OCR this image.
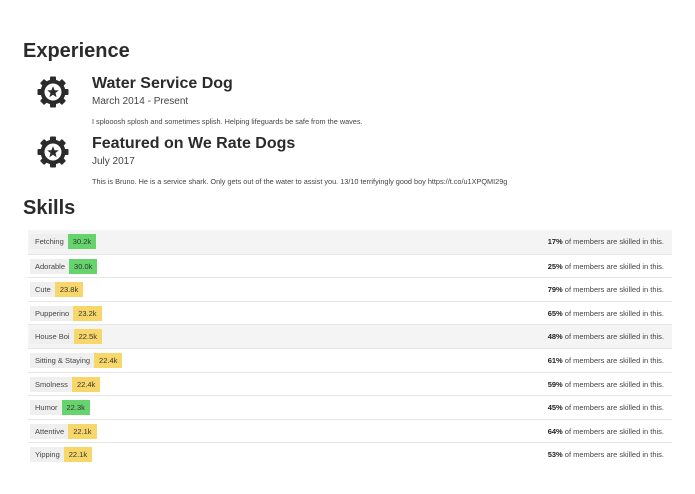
Experience
Water Service Dog
March 2014 - Present
I splooosh splosh and sometimes splish. Helping lifeguards be safe from the waves.
Featured on We Rate Dogs
July 2017
This is Bruno. He is a service shark. Only gets out of the water to assist you. 13/10 terrifyingly good boy https://t.co/u1XPQMI29g
Skills
Fetching	30.2k	17% of members are skilled in this.
Adorable	30.0k	25% of members are skilled in this.
Cute	23.8k	79% of members are skilled in this.
Pupperino	23.2k	65% of members are skilled in this.
House Boi	22.5k	48% of members are skilled in this.
Sitting & Staying	22.4k	61% of members are skilled in this.
Smolness	22.4k	59% of members are skilled in this.
Humor	22.3k	45% of members are skilled in this.
Attentive	22.1k	64% of members are skilled in this.
Yipping	22.1k	53% of members are skilled in this.
